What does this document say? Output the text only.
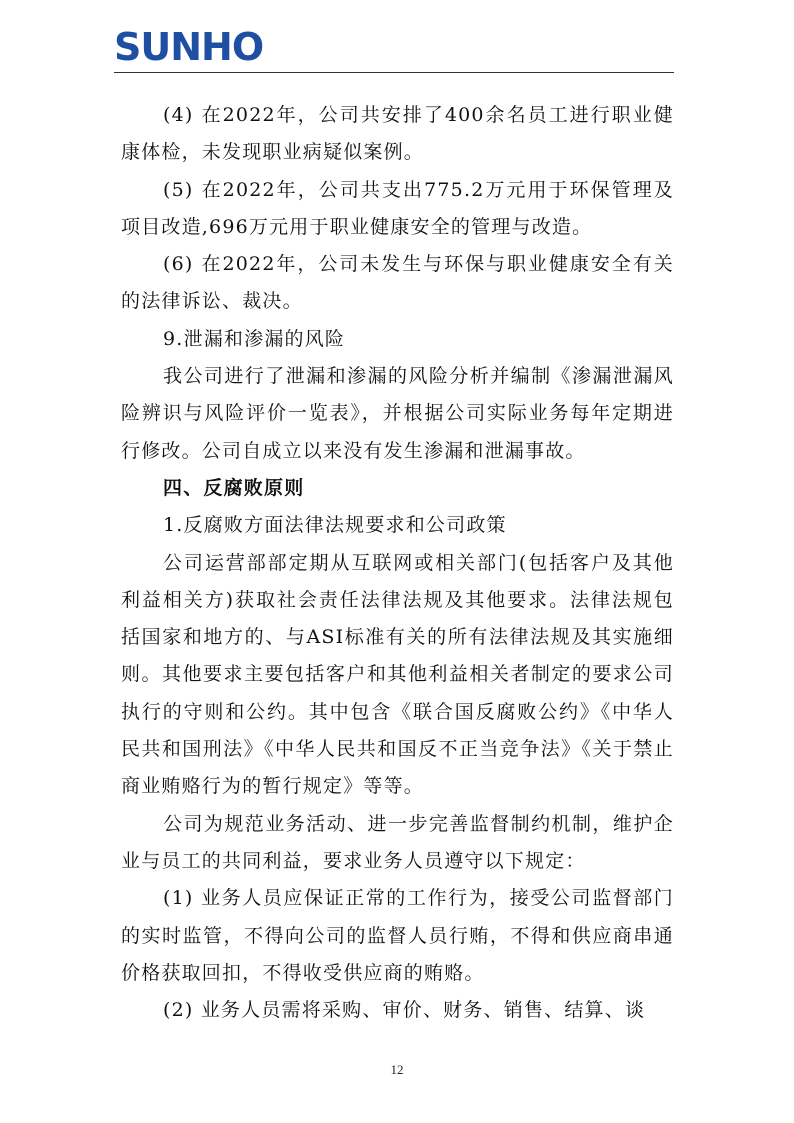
SUNHO

(4) 在2022年，公司共安排了400余名员工进行职业健康体检，未发现职业病疑似案例。

(5) 在2022年，公司共支出775.2万元用于环保管理及项目改造,696万元用于职业健康安全的管理与改造。

(6) 在2022年，公司未发生与环保与职业健康安全有关的法律诉讼、裁决。

9.泄漏和渗漏的风险

我公司进行了泄漏和渗漏的风险分析并编制《渗漏泄漏风险辨识与风险评价一览表》，并根据公司实际业务每年定期进行修改。公司自成立以来没有发生渗漏和泄漏事故。

四、反腐败原则

1.反腐败方面法律法规要求和公司政策

公司运营部部定期从互联网或相关部门(包括客户及其他利益相关方)获取社会责任法律法规及其他要求。法律法规包括国家和地方的、与ASI标准有关的所有法律法规及其实施细则。其他要求主要包括客户和其他利益相关者制定的要求公司执行的守则和公约。其中包含《联合国反腐败公约》《中华人民共和国刑法》《中华人民共和国反不正当竞争法》《关于禁止商业贿赂行为的暂行规定》等等。

公司为规范业务活动、进一步完善监督制约机制，维护企业与员工的共同利益，要求业务人员遵守以下规定：

(1) 业务人员应保证正常的工作行为，接受公司监督部门的实时监管，不得向公司的监督人员行贿，不得和供应商串通价格获取回扣，不得收受供应商的贿赂。

(2) 业务人员需将采购、审价、财务、销售、结算、谈

12
